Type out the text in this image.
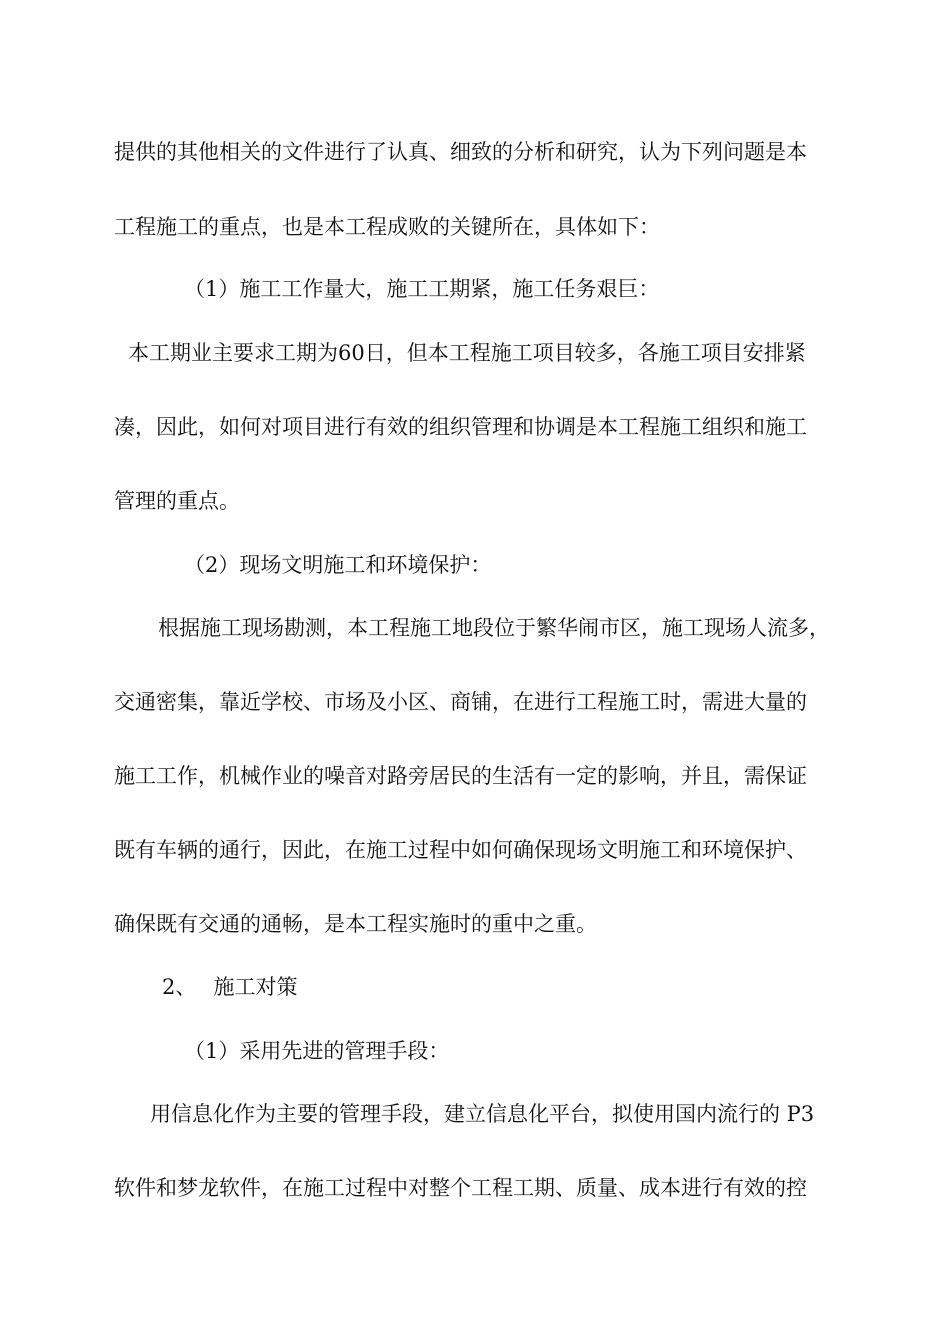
提供的其他相关的文件进行了认真、细致的分析和研究，认为下列问题是本
工程施工的重点，也是本工程成败的关键所在，具体如下：
（1）施工工作量大，施工工期紧，施工任务艰巨：
本工期业主要求工期为60日，但本工程施工项目较多，各施工项目安排紧
凑，因此，如何对项目进行有效的组织管理和协调是本工程施工组织和施工
管理的重点。
（2）现场文明施工和环境保护：
根据施工现场勘测，本工程施工地段位于繁华闹市区，施工现场人流多，
交通密集，靠近学校、市场及小区、商铺，在进行工程施工时，需进大量的
施工工作，机械作业的噪音对路旁居民的生活有一定的影响，并且，需保证
既有车辆的通行，因此，在施工过程中如何确保现场文明施工和环境保护、
确保既有交通的通畅，是本工程实施时的重中之重。
2、　 施工对策
（1）采用先进的管理手段：
用信息化作为主要的管理手段，建立信息化平台，拟使用国内流行的 P3
软件和梦龙软件，在施工过程中对整个工程工期、质量、成本进行有效的控
